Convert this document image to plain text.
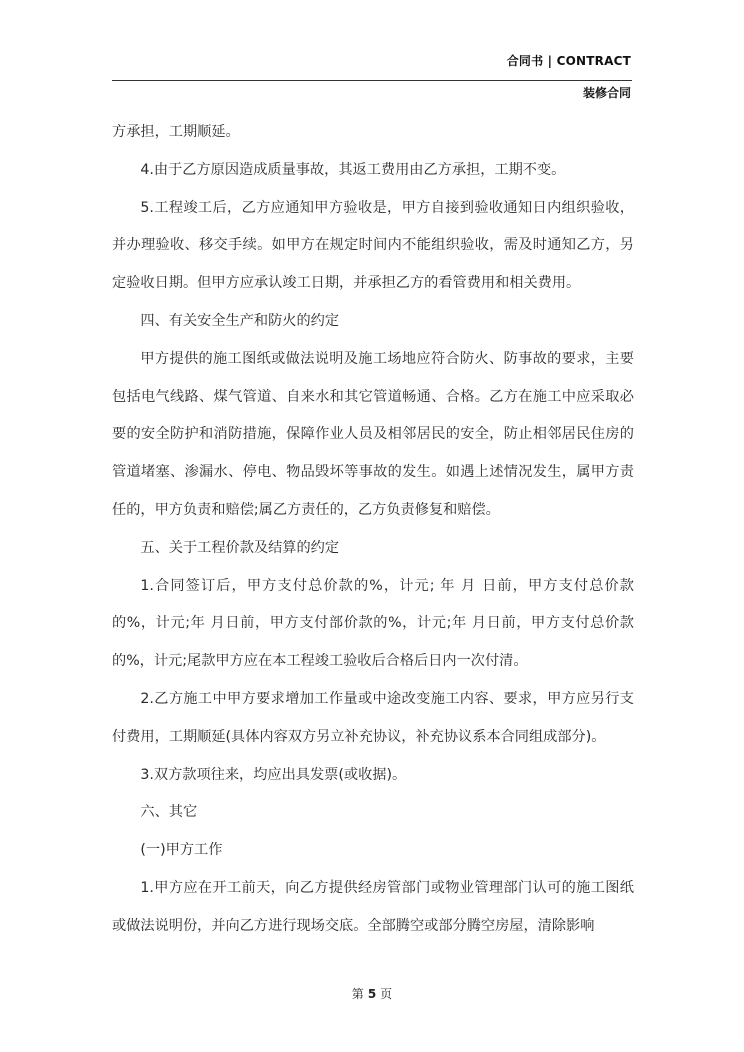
合同书 | CONTRACT
装修合同

方承担，工期顺延。

4.由于乙方原因造成质量事故，其返工费用由乙方承担，工期不变。

5.工程竣工后，乙方应通知甲方验收是，甲方自接到验收通知日内组织验收，并办理验收、移交手续。如甲方在规定时间内不能组织验收，需及时通知乙方，另定验收日期。但甲方应承认竣工日期，并承担乙方的看管费用和相关费用。

四、有关安全生产和防火的约定

甲方提供的施工图纸或做法说明及施工场地应符合防火、防事故的要求，主要包括电气线路、煤气管道、自来水和其它管道畅通、合格。乙方在施工中应采取必要的安全防护和消防措施，保障作业人员及相邻居民的安全，防止相邻居民住房的管道堵塞、渗漏水、停电、物品毁坏等事故的发生。如遇上述情况发生，属甲方责任的，甲方负责和赔偿;属乙方责任的，乙方负责修复和赔偿。

五、关于工程价款及结算的约定

1.合同签订后，甲方支付总价款的%，计元; 年 月 日前，甲方支付总价款的%，计元;年 月日前，甲方支付部价款的%，计元;年 月日前，甲方支付总价款的%，计元;尾款甲方应在本工程竣工验收后合格后日内一次付清。

2.乙方施工中甲方要求增加工作量或中途改变施工内容、要求，甲方应另行支付费用，工期顺延(具体内容双方另立补充协议，补充协议系本合同组成部分)。

3.双方款项往来，均应出具发票(或收据)。

六、其它

(一)甲方工作

1.甲方应在开工前天，向乙方提供经房管部门或物业管理部门认可的施工图纸或做法说明份，并向乙方进行现场交底。全部腾空或部分腾空房屋，清除影响

第 5 页
